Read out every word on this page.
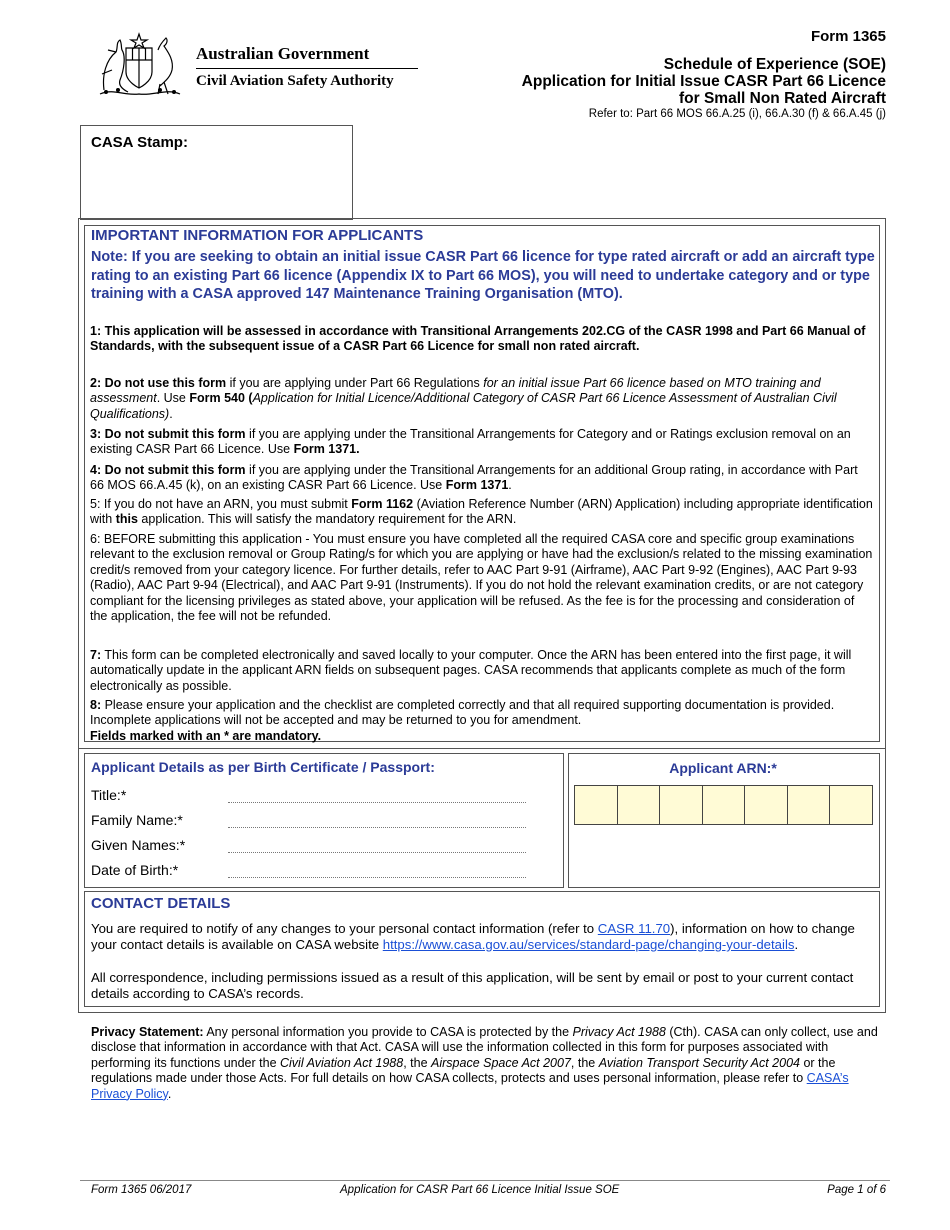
Australian Government
Civil Aviation Safety Authority
Form 1365
Schedule of Experience (SOE)
Application for Initial Issue CASR Part 66 Licence
for Small Non Rated Aircraft
Refer to: Part 66 MOS 66.A.25 (i), 66.A.30 (f) & 66.A.45 (j)
CASA Stamp:
IMPORTANT INFORMATION FOR APPLICANTS
Note: If you are seeking to obtain an initial issue CASR Part 66 licence for type rated aircraft or add an aircraft type rating to an existing Part 66 licence (Appendix IX to Part 66 MOS), you will need to undertake category and or type training with a CASA approved 147 Maintenance Training Organisation (MTO).
1: This application will be assessed in accordance with Transitional Arrangements 202.CG of the CASR 1998 and Part 66 Manual of Standards, with the subsequent issue of a CASR Part 66 Licence for small non rated aircraft.
2: Do not use this form if you are applying under Part 66 Regulations for an initial issue Part 66 licence based on MTO training and assessment. Use Form 540 (Application for Initial Licence/Additional Category of CASR Part 66 Licence Assessment of Australian Civil Qualifications).
3: Do not submit this form if you are applying under the Transitional Arrangements for Category and or Ratings exclusion removal on an existing CASR Part 66 Licence. Use Form 1371.
4: Do not submit this form if you are applying under the Transitional Arrangements for an additional Group rating, in accordance with Part 66 MOS 66.A.45 (k), on an existing CASR Part 66 Licence. Use Form 1371.
5: If you do not have an ARN, you must submit Form 1162 (Aviation Reference Number (ARN) Application) including appropriate identification with this application. This will satisfy the mandatory requirement for the ARN.
6: BEFORE submitting this application - You must ensure you have completed all the required CASA core and specific group examinations relevant to the exclusion removal or Group Rating/s for which you are applying or have had the exclusion/s related to the missing examination credit/s removed from your category licence. For further details, refer to AAC Part 9-91 (Airframe), AAC Part 9-92 (Engines), AAC Part 9-93 (Radio), AAC Part 9-94 (Electrical), and AAC Part 9-91 (Instruments). If you do not hold the relevant examination credits, or are not category compliant for the licensing privileges as stated above, your application will be refused. As the fee is for the processing and consideration of the application, the fee will not be refunded.
7: This form can be completed electronically and saved locally to your computer. Once the ARN has been entered into the first page, it will automatically update in the applicant ARN fields on subsequent pages. CASA recommends that applicants complete as much of the form electronically as possible.
8: Please ensure your application and the checklist are completed correctly and that all required supporting documentation is provided. Incomplete applications will not be accepted and may be returned to you for amendment.
Fields marked with an * are mandatory.
Applicant Details as per Birth Certificate / Passport:
Title:*
Family Name:*
Given Names:*
Date of Birth:*
Applicant ARN:*
CONTACT DETAILS
You are required to notify of any changes to your personal contact information (refer to CASR 11.70), information on how to change your contact details is available on CASA website https://www.casa.gov.au/services/standard-page/changing-your-details.
All correspondence, including permissions issued as a result of this application, will be sent by email or post to your current contact details according to CASA’s records.
Privacy Statement: Any personal information you provide to CASA is protected by the Privacy Act 1988 (Cth). CASA can only collect, use and disclose that information in accordance with that Act. CASA will use the information collected in this form for purposes associated with performing its functions under the Civil Aviation Act 1988, the Airspace Space Act 2007, the Aviation Transport Security Act 2004 or the regulations made under those Acts. For full details on how CASA collects, protects and uses personal information, please refer to CASA’s Privacy Policy.
Form 1365 06/2017	Application for CASR Part 66 Licence Initial Issue SOE	Page 1 of 6
